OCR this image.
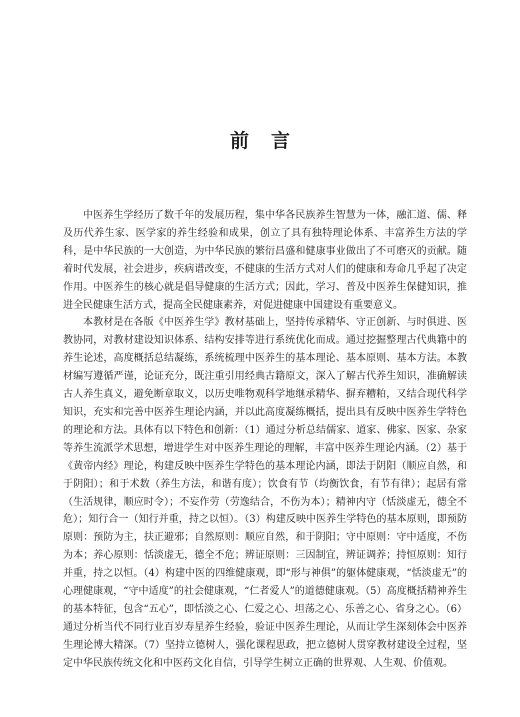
前言

中医养生学经历了数千年的发展历程，集中华各民族养生智慧为一体，融汇道、儒、释及历代养生家、医学家的养生经验和成果，创立了具有独特理论体系、丰富养生方法的学科，是中华民族的一大创造，为中华民族的繁衍昌盛和健康事业做出了不可磨灭的贡献。随着时代发展，社会进步，疾病谱改变，不健康的生活方式对人们的健康和寿命几乎起了决定作用。中医养生的核心就是倡导健康的生活方式；因此，学习、普及中医养生保健知识，推进全民健康生活方式，提高全民健康素养，对促进健康中国建设有重要意义。

本教材是在各版《中医养生学》教材基础上，坚持传承精华、守正创新、与时俱进、医教协同，对教材建设知识体系、结构安排等进行系统优化而成。通过挖掘整理古代典籍中的养生论述，高度概括总结凝练，系统梳理中医养生的基本理论、基本原则、基本方法。本教材编写遵循严谨，论证充分，既注重引用经典古籍原文，深入了解古代养生知识，准确解读古人养生真义，避免断章取义，以历史唯物观科学地继承精华、摒弃糟粕，又结合现代科学知识，充实和完善中医养生理论内涵，并以此高度凝练概括，提出具有反映中医养生学特色的理论和方法。具体有以下特色和创新：（1）通过分析总结儒家、道家、佛家、医家、杂家等养生流派学术思想，增进学生对中医养生理论的理解，丰富中医养生理论内涵。（2）基于《黄帝内经》理论，构建反映中医养生学特色的基本理论内涵，即法于阴阳（顺应自然，和于阴阳）；和于术数（养生方法，和谐有度）；饮食有节（均衡饮食，有节有律）；起居有常（生活规律，顺应时令）；不妄作劳（劳逸结合，不伤为本）；精神内守（恬淡虚无，德全不危）；知行合一（知行并重，持之以恒）。（3）构建反映中医养生学特色的基本原则，即预防原则：预防为主，扶正避邪；自然原则：顺应自然，和于阴阳；守中原则：守中适度，不伤为本；养心原则：恬淡虚无，德全不危；辨证原则：三因制宜，辨证调养；持恒原则：知行并重，持之以恒。（4）构建中医的四维健康观，即“形与神俱”的躯体健康观，“恬淡虚无”的心理健康观，“守中适度”的社会健康观，“仁者爱人”的道德健康观。（5）高度概括精神养生的基本特征，包含“五心”，即恬淡之心、仁爱之心、坦荡之心、乐善之心、省身之心。（6）通过分析当代不同行业百岁寿星养生经验，验证中医养生理论，从而让学生深刻体会中医养生理论博大精深。（7）坚持立德树人，强化课程思政，把立德树人贯穿教材建设全过程，坚定中华民族传统文化和中医药文化自信，引导学生树立正确的世界观、人生观、价值观。
